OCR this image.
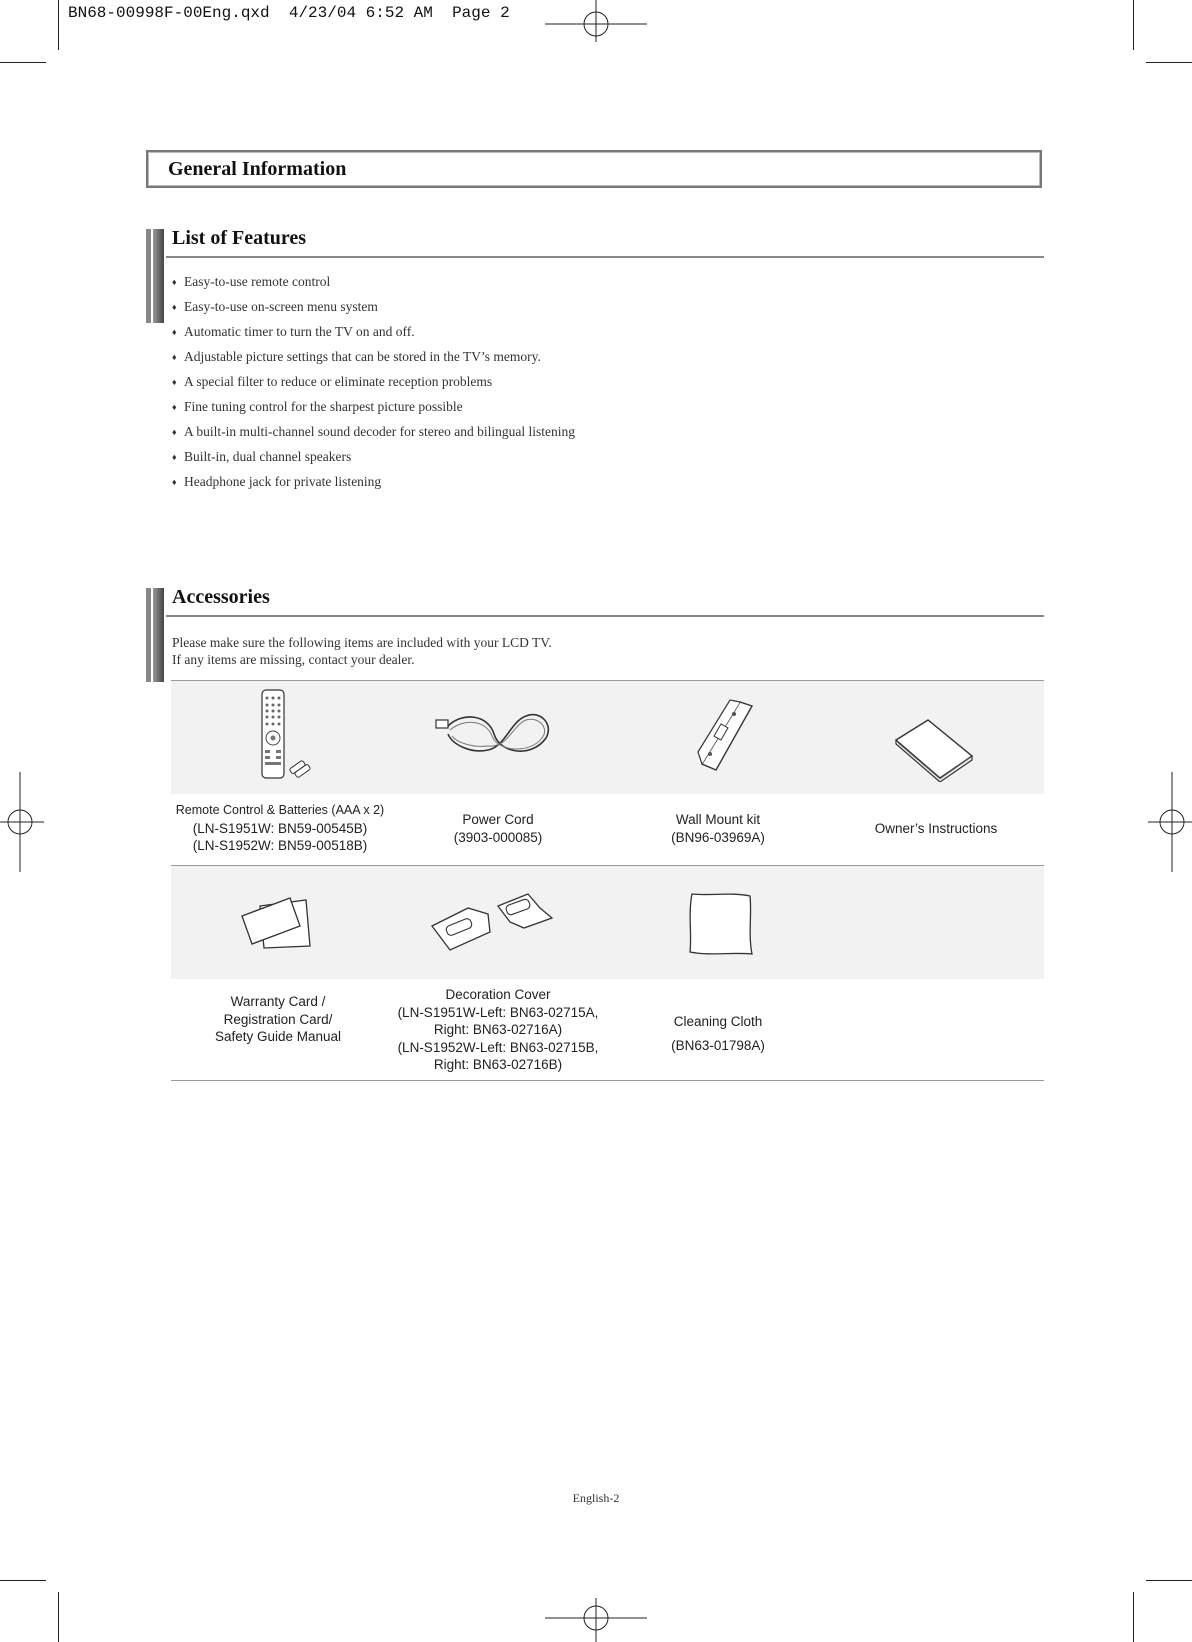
BN68-00998F-00Eng.qxd  4/23/04 6:52 AM  Page 2
General Information
List of Features
♦ Easy-to-use remote control
♦ Easy-to-use on-screen menu system
♦ Automatic timer to turn the TV on and off.
♦ Adjustable picture settings that can be stored in the TV’s memory.
♦ A special filter to reduce or eliminate reception problems
♦ Fine tuning control for the sharpest picture possible
♦ A built-in multi-channel sound decoder for stereo and bilingual listening
♦ Built-in, dual channel speakers
♦ Headphone jack for private listening
Accessories
Please make sure the following items are included with your LCD TV.
If any items are missing, contact your dealer.
Remote Control & Batteries (AAA x 2)
(LN-S1951W: BN59-00545B)
(LN-S1952W: BN59-00518B)
Power Cord
(3903-000085)
Wall Mount kit
(BN96-03969A)
Owner’s Instructions
Warranty Card /
Registration Card/
Safety Guide Manual
Decoration Cover
(LN-S1951W-Left: BN63-02715A,
Right: BN63-02716A)
(LN-S1952W-Left: BN63-02715B,
Right: BN63-02716B)
Cleaning Cloth
(BN63-01798A)
English-2
